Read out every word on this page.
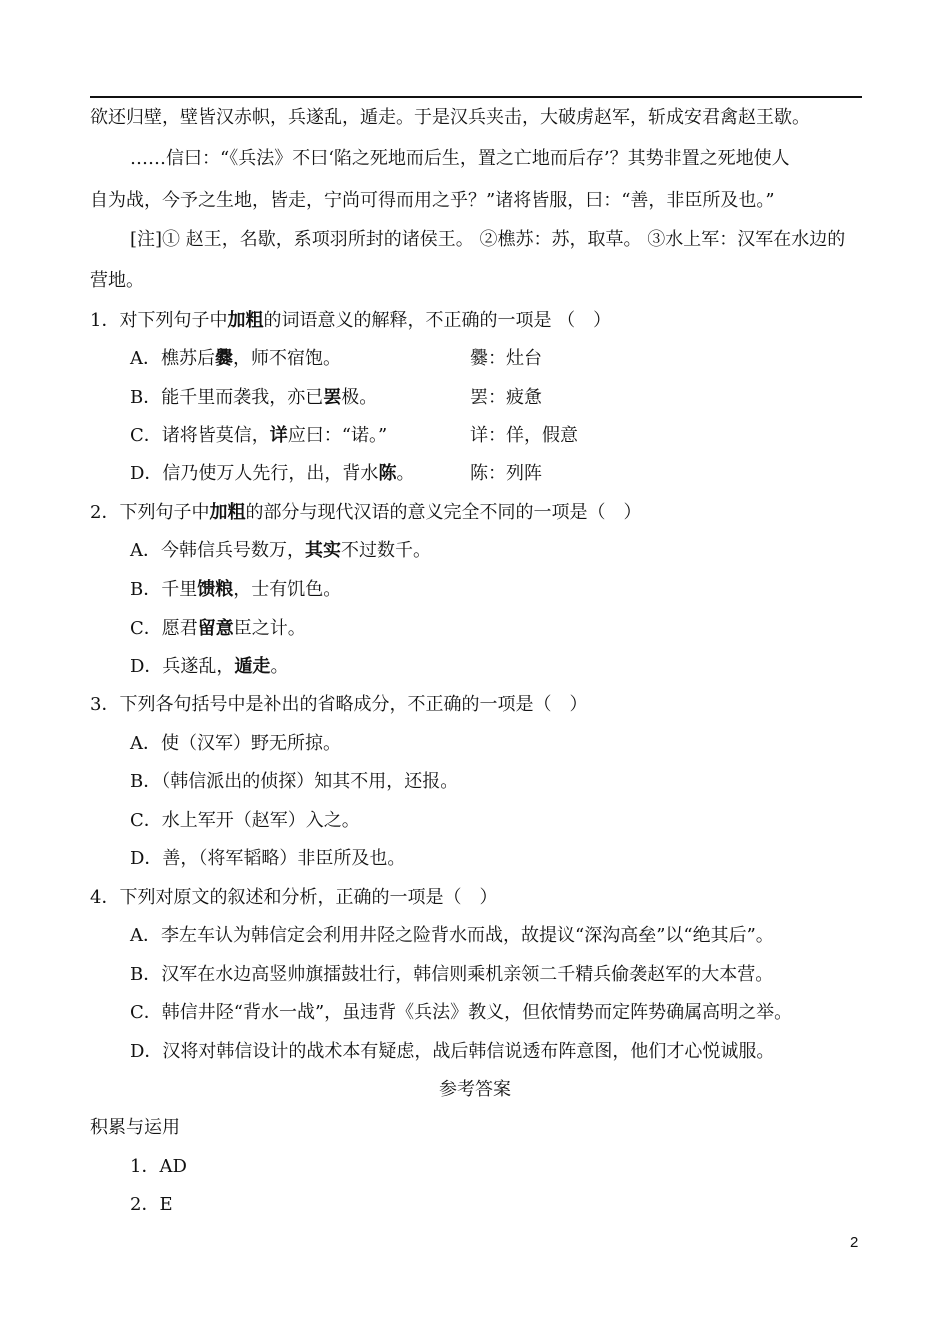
欲还归壁，壁皆汉赤帜，兵遂乱，遁走。于是汉兵夹击，大破虏赵军，斩成安君禽赵王歇。
……信曰：“《兵法》不曰‘陷之死地而后生，置之亡地而后存’？其势非置之死地使人
自为战，今予之生地，皆走，宁尚可得而用之乎？”诸将皆服，曰：“善，非臣所及也。”
[注]① 赵王，名歇，系项羽所封的诸侯王。 ②樵苏：苏，取草。 ③水上军：汉军在水边的
营地。
1．对下列句子中加粗的词语意义的解释，不正确的一项是 （　）
A．樵苏后爨，师不宿饱。	爨：灶台
B．能千里而袭我，亦已罢极。	罢：疲惫
C．诸将皆莫信，详应曰：“诺。”	详：佯，假意
D．信乃使万人先行，出，背水陈。	陈：列阵
2．下列句子中加粗的部分与现代汉语的意义完全不同的一项是（　）
A．今韩信兵号数万，其实不过数千。
B．千里馈粮，士有饥色。
C．愿君留意臣之计。
D．兵遂乱，遁走。
3．下列各句括号中是补出的省略成分，不正确的一项是（　）
A．使（汉军）野无所掠。
B．（韩信派出的侦探）知其不用，还报。
C．水上军开（赵军）入之。
D．善，（将军韬略）非臣所及也。
4．下列对原文的叙述和分析，正确的一项是（　）
A．李左车认为韩信定会利用井陉之险背水而战，故提议“深沟高垒”以“绝其后”。
B．汉军在水边高竖帅旗擂鼓壮行，韩信则乘机亲领二千精兵偷袭赵军的大本营。
C．韩信井陉“背水一战”，虽违背《兵法》教义，但依情势而定阵势确属高明之举。
D．汉将对韩信设计的战术本有疑虑，战后韩信说透布阵意图，他们才心悦诚服。
参考答案
积累与运用
1．AD
2．E
2
